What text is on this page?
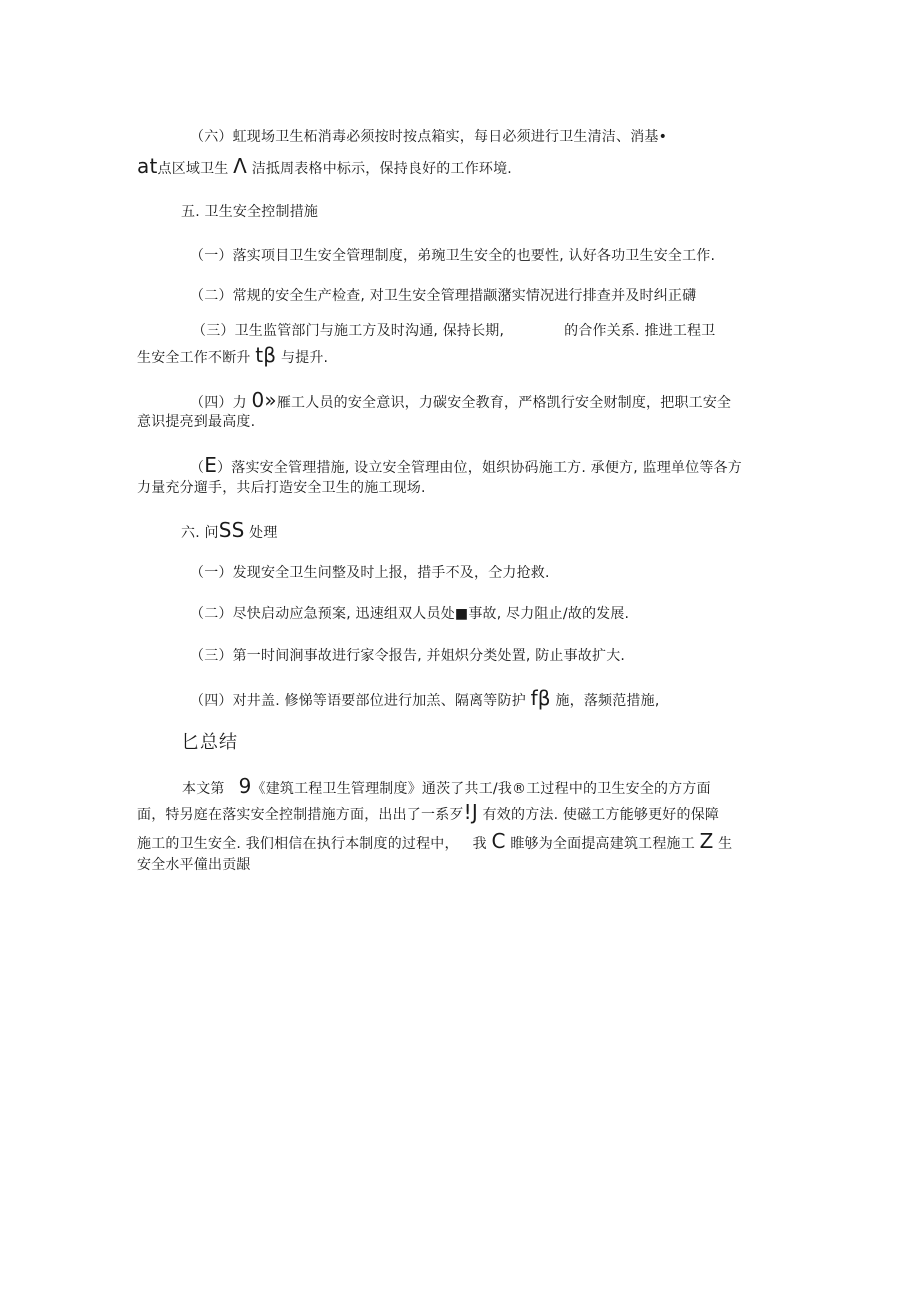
（六）虹现场卫生柘消毒必须按时按点箱实，每日必须进行卫生清洁、消基•
at点区域卫生 Λ 洁抵周表格中标示，保持良好的工作环境.
五. 卫生安全控制措施
（一）落实项目卫生安全管理制度，弟琬卫生安全的也要性, 认好各功卫生安全工作.
（二）常规的安全生产检查, 对卫生安全管理措颛潴实情况进行排查并及时纠正礴
（三）卫生监管部门与施工方及时沟通, 保持长期,	的合作关系. 推进工程卫
生安全工作不断升 tβ 与提升.
（四）力 0»雁工人员的安全意识，力碳安全教育，严格凯行安全财制度，把职工安全
意识提亮到最高度.
（E）落实安全管理措施, 设立安全管理由位，姐织协码施工方. 承便方, 监理单位等各方
力量充分遛手，共后打造安全卫生的施工现场.
六. 问SS 处理
（一）发现安全卫生问整及时上报，措手不及，仝力抢救.
（二）尽快启动应急预案, 迅速组双人员处■事故, 尽力阻止/故的发展.
（三）第一时间涧事故进行家令报告, 并姐炽分类处置, 防止事故扩大.
（四）对井盖. 修悌等语要部位进行加羔、隔离等防护 fβ 施，落频范措施,
匕总结
本文第 9《建筑工程卫生管理制度》通茨了共工/我®工过程中的卫生安全的方方面
面，特另庭在落实安全控制措施方面，出出了一系歹!J 有效的方法. 使磁工方能够更好的保障
施工的卫生安全. 我们相信在执行本制度的过程中， 我 C 睢够为全面提高建筑工程施工 Z 生
安全水平僮出贡龈
